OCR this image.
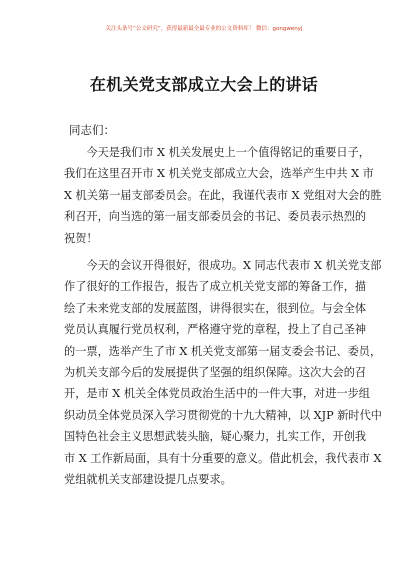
关注头条号“公文研究”，获得最新最全最专业的公文资料库！ 微信：gongwenyj
在机关党支部成立大会上的讲话
同志们：
　　今天是我们市 X 机关发展史上一个值得铭记的重要日子，
我们在这里召开市 X 机关党支部成立大会，选举产生中共 X 市
X 机关第一届支部委员会。在此，我谨代表市 X 党组对大会的胜
利召开，向当选的第一届支部委员会的书记、委员表示热烈的
祝贺！
　　今天的会议开得很好，很成功。X 同志代表市 X 机关党支部
作了很好的工作报告，报告了成立机关党支部的筹备工作，描
绘了未来党支部的发展蓝图，讲得很实在，很到位。与会全体
党员认真履行党员权利，严格遵守党的章程，投上了自己圣神
的一票，选举产生了市 X 机关党支部第一届支委会书记、委员，
为机关支部今后的发展提供了坚强的组织保障。这次大会的召
开，是市 X 机关全体党员政治生活中的一件大事，对进一步组
织动员全体党员深入学习贯彻党的十九大精神，以 XJP 新时代中
国特色社会主义思想武装头脑，疑心聚力，扎实工作，开创我
市 X 工作新局面，具有十分重要的意义。借此机会，我代表市 X
党组就机关支部建设提几点要求。
